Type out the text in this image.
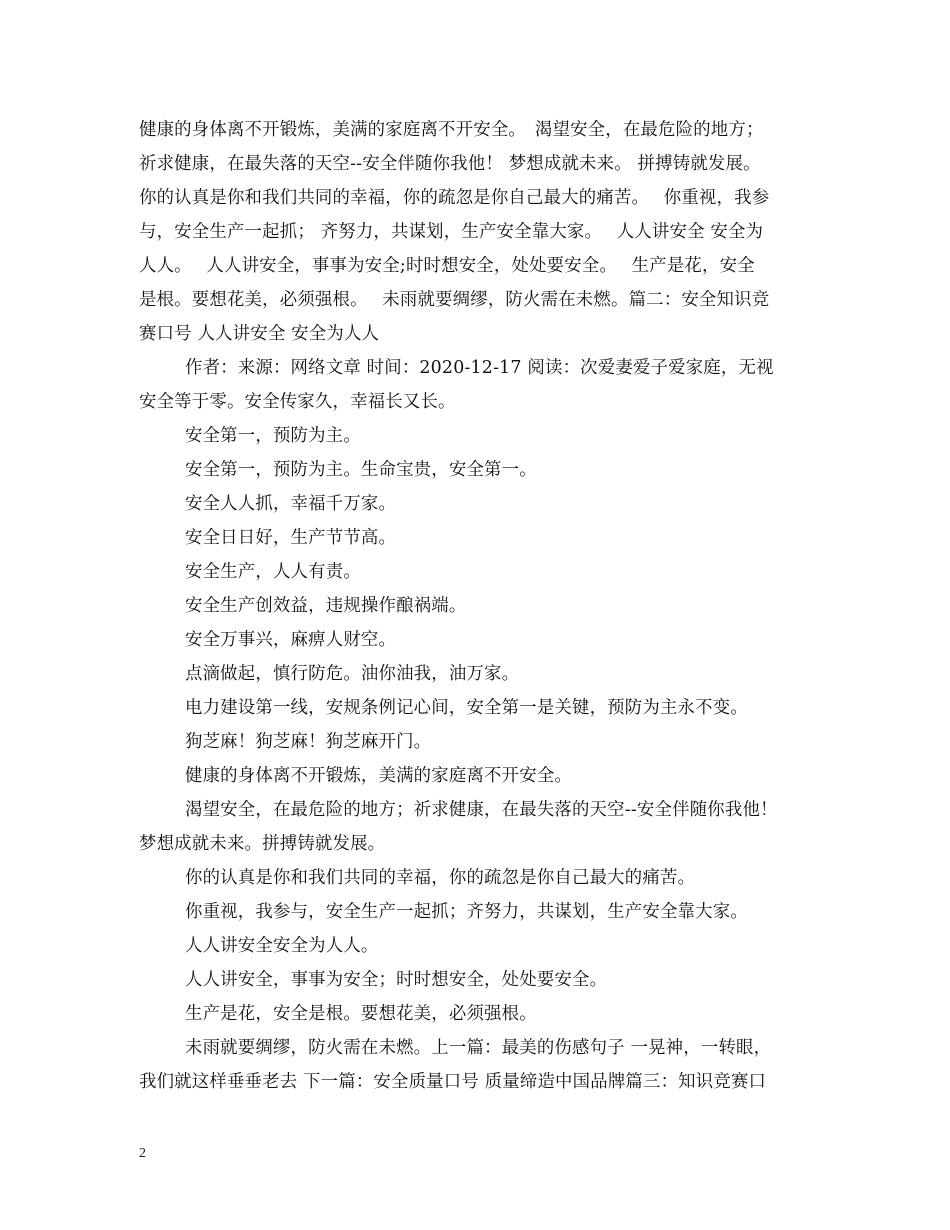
健康的身体离不开锻炼，美满的家庭离不开安全。　渴望安全，在最危险的地方；
祈求健康，在最失落的天空--安全伴随你我他！ 梦想成就未来。 拼搏铸就发展。
你的认真是你和我们共同的幸福，你的疏忽是你自己最大的痛苦。　 你重视，我参
与，安全生产一起抓； 齐努力，共谋划，生产安全靠大家。　 人人讲安全 安全为
人人。　 人人讲安全，事事为安全;时时想安全，处处要安全。　 生产是花，安全
是根。要想花美，必须强根。　 未雨就要绸缪，防火需在未燃。篇二：安全知识竞
赛口号 人人讲安全 安全为人人
作者：来源：网络文章 时间：2020-12-17 阅读：次爱妻爱子爱家庭，无视
安全等于零。安全传家久，幸福长又长。
安全第一，预防为主。
安全第一，预防为主。生命宝贵，安全第一。
安全人人抓，幸福千万家。
安全日日好，生产节节高。
安全生产，人人有责。
安全生产创效益，违规操作酿祸端。
安全万事兴，麻痹人财空。
点滴做起，慎行防危。油你油我，油万家。
电力建设第一线，安规条例记心间，安全第一是关键，预防为主永不变。
狗芝麻！狗芝麻！狗芝麻开门。
健康的身体离不开锻炼，美满的家庭离不开安全。
渴望安全，在最危险的地方；祈求健康，在最失落的天空--安全伴随你我他！
梦想成就未来。拼搏铸就发展。
你的认真是你和我们共同的幸福，你的疏忽是你自己最大的痛苦。
你重视，我参与，安全生产一起抓；齐努力，共谋划，生产安全靠大家。
人人讲安全安全为人人。
人人讲安全，事事为安全；时时想安全，处处要安全。
生产是花，安全是根。要想花美，必须强根。
未雨就要绸缪，防火需在未燃。上一篇：最美的伤感句子 一晃神，一转眼，
我们就这样垂垂老去 下一篇：安全质量口号 质量缔造中国品牌篇三：知识竞赛口
2
